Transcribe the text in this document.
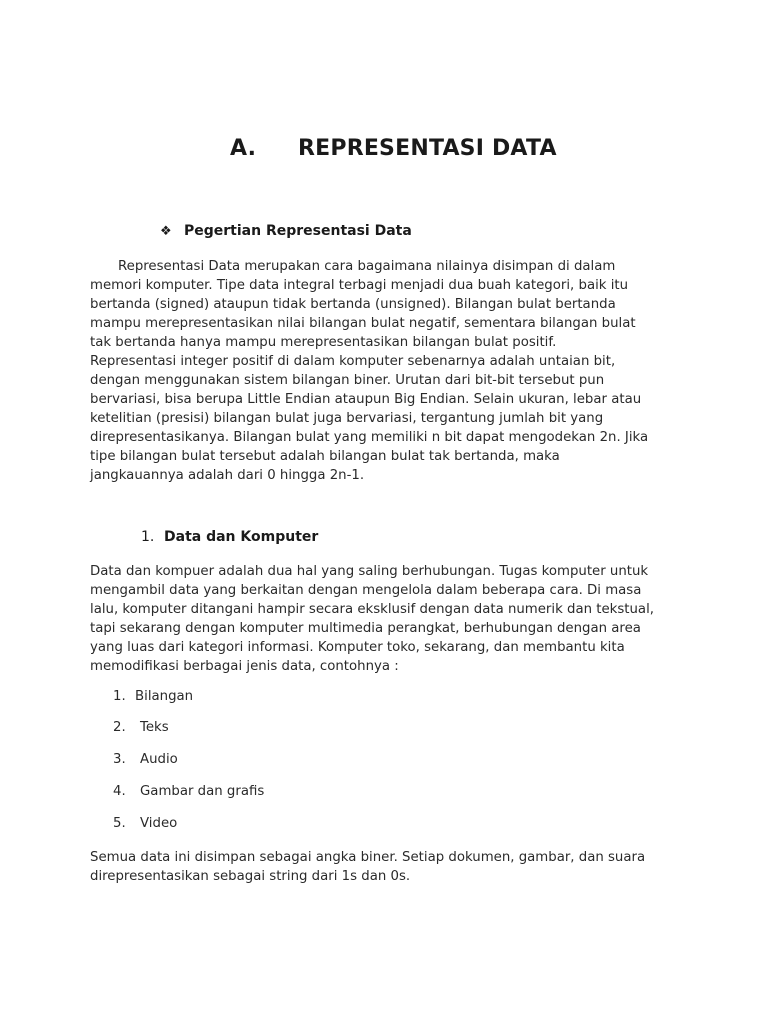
A. REPRESENTASI DATA
❖ Pegertian Representasi Data
Representasi Data merupakan cara bagaimana nilainya disimpan di dalam
memori komputer. Tipe data integral terbagi menjadi dua buah kategori, baik itu
bertanda (signed) ataupun tidak bertanda (unsigned). Bilangan bulat bertanda
mampu merepresentasikan nilai bilangan bulat negatif, sementara bilangan bulat
tak bertanda hanya mampu merepresentasikan bilangan bulat positif.
Representasi integer positif di dalam komputer sebenarnya adalah untaian bit,
dengan menggunakan sistem bilangan biner. Urutan dari bit-bit tersebut pun
bervariasi, bisa berupa Little Endian ataupun Big Endian. Selain ukuran, lebar atau
ketelitian (presisi) bilangan bulat juga bervariasi, tergantung jumlah bit yang
direpresentasikanya. Bilangan bulat yang memiliki n bit dapat mengodekan 2n. Jika
tipe bilangan bulat tersebut adalah bilangan bulat tak bertanda, maka
jangkauannya adalah dari 0 hingga 2n-1.
1. Data dan Komputer
Data dan kompuer adalah dua hal yang saling berhubungan. Tugas komputer untuk
mengambil data yang berkaitan dengan mengelola dalam beberapa cara. Di masa
lalu, komputer ditangani hampir secara eksklusif dengan data numerik dan tekstual,
tapi sekarang dengan komputer multimedia perangkat, berhubungan dengan area
yang luas dari kategori informasi. Komputer toko, sekarang, dan membantu kita
memodifikasi berbagai jenis data, contohnya :
1. Bilangan
2. Teks
3. Audio
4. Gambar dan grafis
5. Video
Semua data ini disimpan sebagai angka biner. Setiap dokumen, gambar, dan suara
direpresentasikan sebagai string dari 1s dan 0s.
